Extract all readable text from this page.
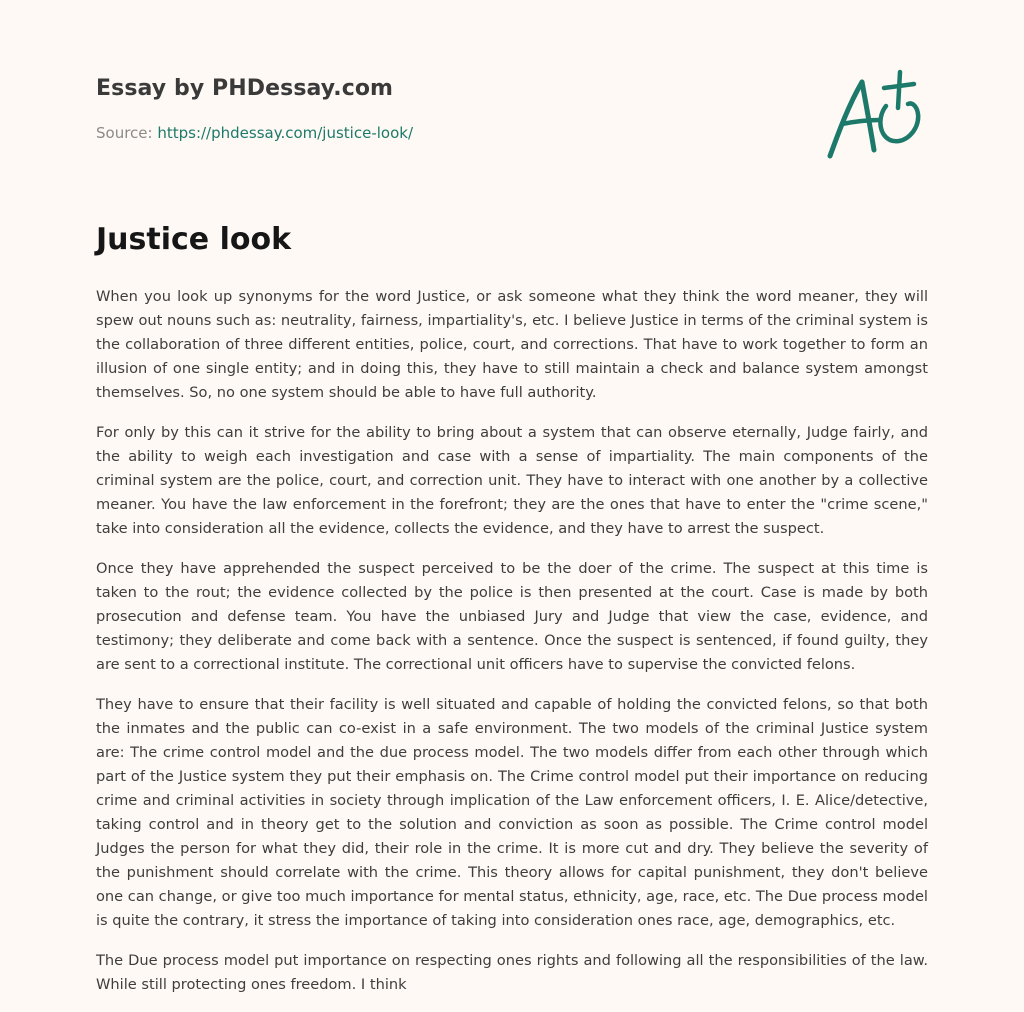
Essay by PHDessay.com
Source: https://phdessay.com/justice-look/
Justice look

When you look up synonyms for the word Justice, or ask someone what they think the word meaner, they will spew out nouns such as: neutrality, fairness, impartiality's, etc. I believe Justice in terms of the criminal system is the collaboration of three different entities, police, court, and corrections. That have to work together to form an illusion of one single entity; and in doing this, they have to still maintain a check and balance system amongst themselves. So, no one system should be able to have full authority.

For only by this can it strive for the ability to bring about a system that can observe eternally, Judge fairly, and the ability to weigh each investigation and case with a sense of impartiality. The main components of the criminal system are the police, court, and correction unit. They have to interact with one another by a collective meaner. You have the law enforcement in the forefront; they are the ones that have to enter the "crime scene," take into consideration all the evidence, collects the evidence, and they have to arrest the suspect.

Once they have apprehended the suspect perceived to be the doer of the crime. The suspect at this time is taken to the rout; the evidence collected by the police is then presented at the court. Case is made by both prosecution and defense team. You have the unbiased Jury and Judge that view the case, evidence, and testimony; they deliberate and come back with a sentence. Once the suspect is sentenced, if found guilty, they are sent to a correctional institute. The correctional unit officers have to supervise the convicted felons.

They have to ensure that their facility is well situated and capable of holding the convicted felons, so that both the inmates and the public can co-exist in a safe environment. The two models of the criminal Justice system are: The crime control model and the due process model. The two models differ from each other through which part of the Justice system they put their emphasis on. The Crime control model put their importance on reducing crime and criminal activities in society through implication of the Law enforcement officers, I. E. Alice/detective, taking control and in theory get to the solution and conviction as soon as possible. The Crime control model Judges the person for what they did, their role in the crime. It is more cut and dry. They believe the severity of the punishment should correlate with the crime. This theory allows for capital punishment, they don't believe one can change, or give too much importance for mental status, ethnicity, age, race, etc. The Due process model is quite the contrary, it stress the importance of taking into consideration ones race, age, demographics, etc.

The Due process model put importance on respecting ones rights and following all the responsibilities of the law. While still protecting ones freedom. I think
